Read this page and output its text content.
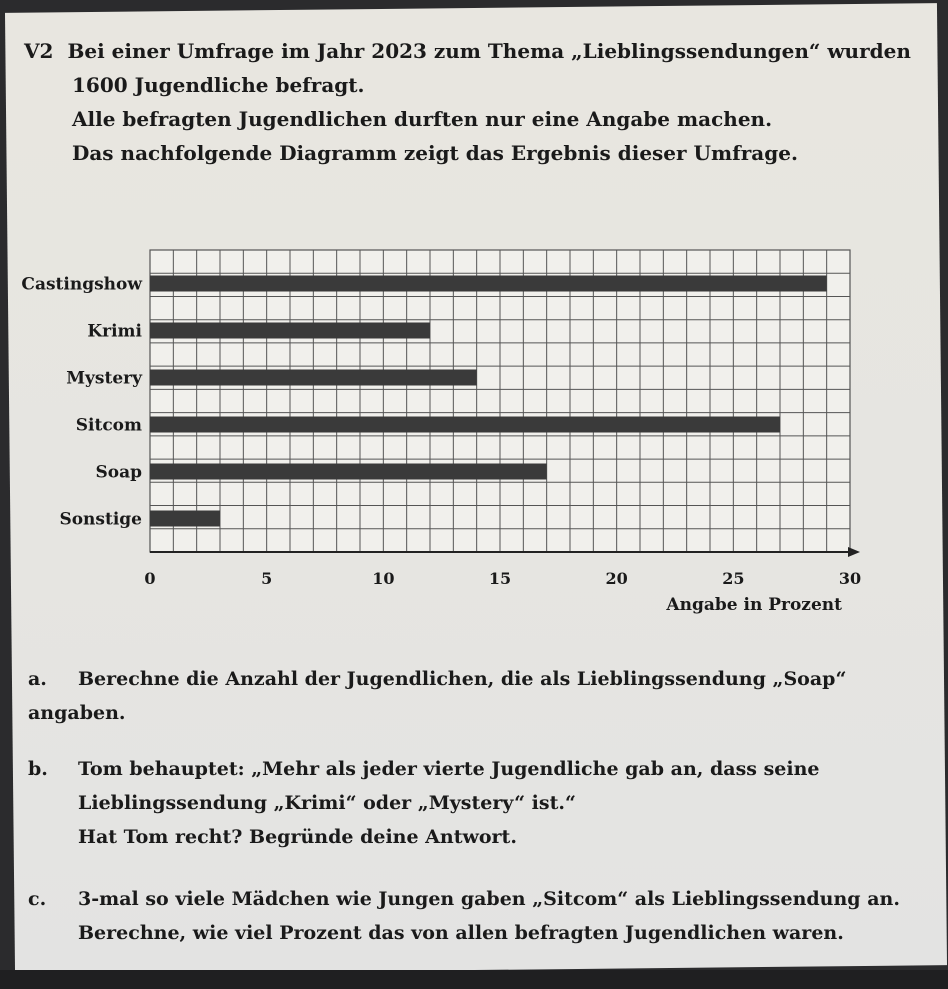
V2 Bei einer Umfrage im Jahr 2023 zum Thema „Lieblingssendungen“ wurden
1600 Jugendliche befragt.
Alle befragten Jugendlichen durften nur eine Angabe machen.
Das nachfolgende Diagramm zeigt das Ergebnis dieser Umfrage.
Castingshow
Krimi
Mystery
Sitcom
Soap
Sonstige
0	5	10	15	20	25	30
Angabe in Prozent
a. Berechne die Anzahl der Jugendlichen, die als Lieblingssendung „Soap“ angaben.
b. Tom behauptet: „Mehr als jeder vierte Jugendliche gab an, dass seine
Lieblingssendung „Krimi“ oder „Mystery“ ist.“
Hat Tom recht? Begründe deine Antwort.
c. 3-mal so viele Mädchen wie Jungen gaben „Sitcom“ als Lieblingssendung an.
Berechne, wie viel Prozent das von allen befragten Jugendlichen waren.
